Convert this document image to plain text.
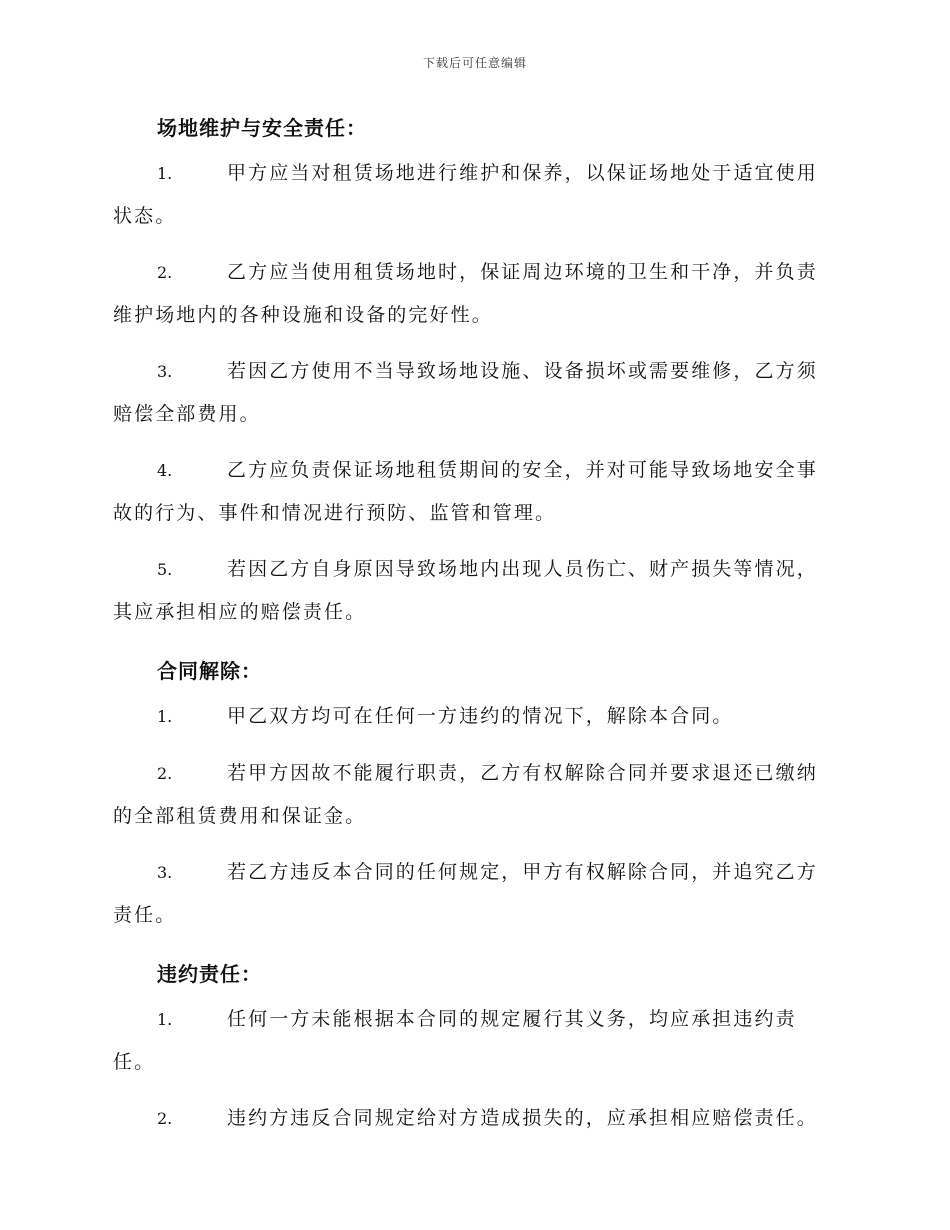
下载后可任意编辑
场地维护与安全责任：
1.	甲方应当对租赁场地进行维护和保养，以保证场地处于适宜使用
状态。
2.	乙方应当使用租赁场地时，保证周边环境的卫生和干净，并负责
维护场地内的各种设施和设备的完好性。
3.	若因乙方使用不当导致场地设施、设备损坏或需要维修，乙方须
赔偿全部费用。
4.	乙方应负责保证场地租赁期间的安全，并对可能导致场地安全事
故的行为、事件和情况进行预防、监管和管理。
5.	若因乙方自身原因导致场地内出现人员伤亡、财产损失等情况，
其应承担相应的赔偿责任。
合同解除：
1.	甲乙双方均可在任何一方违约的情况下，解除本合同。
2.	若甲方因故不能履行职责，乙方有权解除合同并要求退还已缴纳
的全部租赁费用和保证金。
3.	若乙方违反本合同的任何规定，甲方有权解除合同，并追究乙方
责任。
违约责任：
1.	任何一方未能根据本合同的规定履行其义务，均应承担违约责
任。
2.	违约方违反合同规定给对方造成损失的，应承担相应赔偿责任。
